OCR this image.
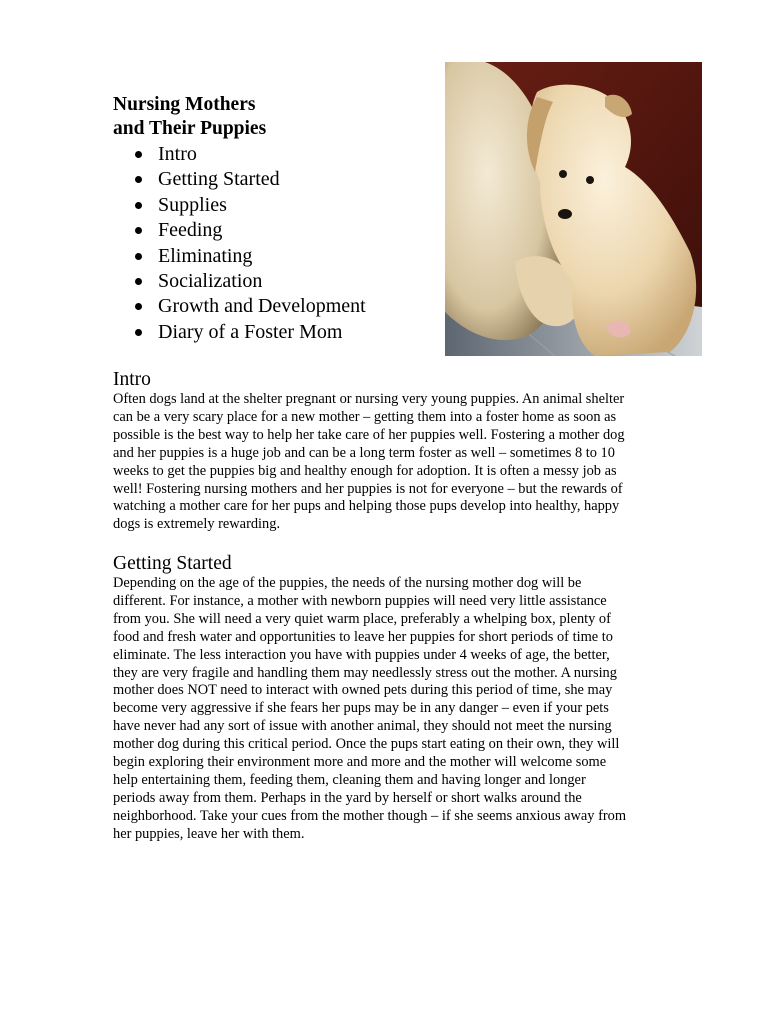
Nursing Mothers

and Their Puppies

Intro
Getting Started
Supplies
Feeding
Eliminating
Socialization
Growth and Development
Diary of a Foster Mom
Intro

Often dogs land at the shelter pregnant or nursing very young puppies. An animal shelter
can be a very scary place for a new mother – getting them into a foster home as soon as
possible is the best way to help her take care of her puppies well. Fostering a mother dog
and her puppies is a huge job and can be a long term foster as well – sometimes 8 to 10
weeks to get the puppies big and healthy enough for adoption. It is often a messy job as
well! Fostering nursing mothers and her puppies is not for everyone – but the rewards of
watching a mother care for her pups and helping those pups develop into healthy, happy
dogs is extremely rewarding.

Getting Started

Depending on the age of the puppies, the needs of the nursing mother dog will be
different. For instance, a mother with newborn puppies will need very little assistance
from you. She will need a very quiet warm place, preferably a whelping box, plenty of
food and fresh water and opportunities to leave her puppies for short periods of time to
eliminate. The less interaction you have with puppies under 4 weeks of age, the better,
they are very fragile and handling them may needlessly stress out the mother. A nursing
mother does NOT need to interact with owned pets during this period of time, she may
become very aggressive if she fears her pups may be in any danger – even if your pets
have never had any sort of issue with another animal, they should not meet the nursing
mother dog during this critical period. Once the pups start eating on their own, they will
begin exploring their environment more and more and the mother will welcome some
help entertaining them, feeding them, cleaning them and having longer and longer
periods away from them. Perhaps in the yard by herself or short walks around the
neighborhood. Take your cues from the mother though – if she seems anxious away from
her puppies, leave her with them.
